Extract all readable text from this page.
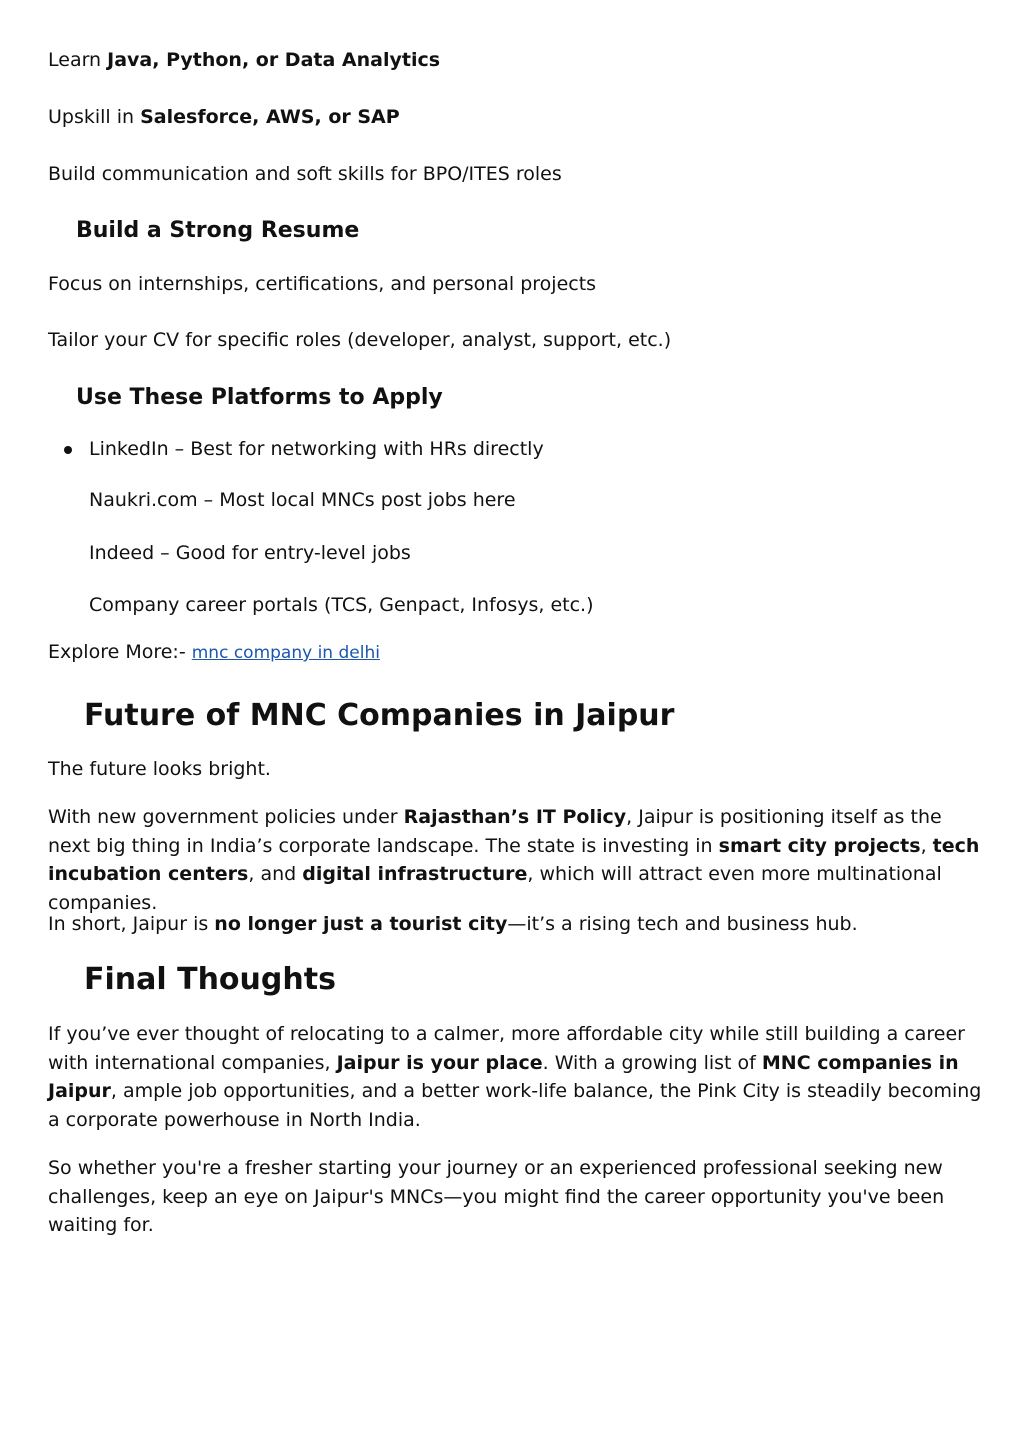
Learn Java, Python, or Data Analytics

Upskill in Salesforce, AWS, or SAP

Build communication and soft skills for BPO/ITES roles

Build a Strong Resume

Focus on internships, certifications, and personal projects

Tailor your CV for specific roles (developer, analyst, support, etc.)

Use These Platforms to Apply

LinkedIn – Best for networking with HRs directly

Naukri.com – Most local MNCs post jobs here

Indeed – Good for entry-level jobs

Company career portals (TCS, Genpact, Infosys, etc.)

Explore More:- mnc company in delhi

Future of MNC Companies in Jaipur

The future looks bright.

With new government policies under Rajasthan’s IT Policy, Jaipur is positioning itself as the next big thing in India’s corporate landscape. The state is investing in smart city projects, tech incubation centers, and digital infrastructure, which will attract even more multinational companies.

In short, Jaipur is no longer just a tourist city—it’s a rising tech and business hub.

Final Thoughts

If you’ve ever thought of relocating to a calmer, more affordable city while still building a career with international companies, Jaipur is your place. With a growing list of MNC companies in Jaipur, ample job opportunities, and a better work-life balance, the Pink City is steadily becoming a corporate powerhouse in North India.

So whether you're a fresher starting your journey or an experienced professional seeking new challenges, keep an eye on Jaipur's MNCs—you might find the career opportunity you've been waiting for.
